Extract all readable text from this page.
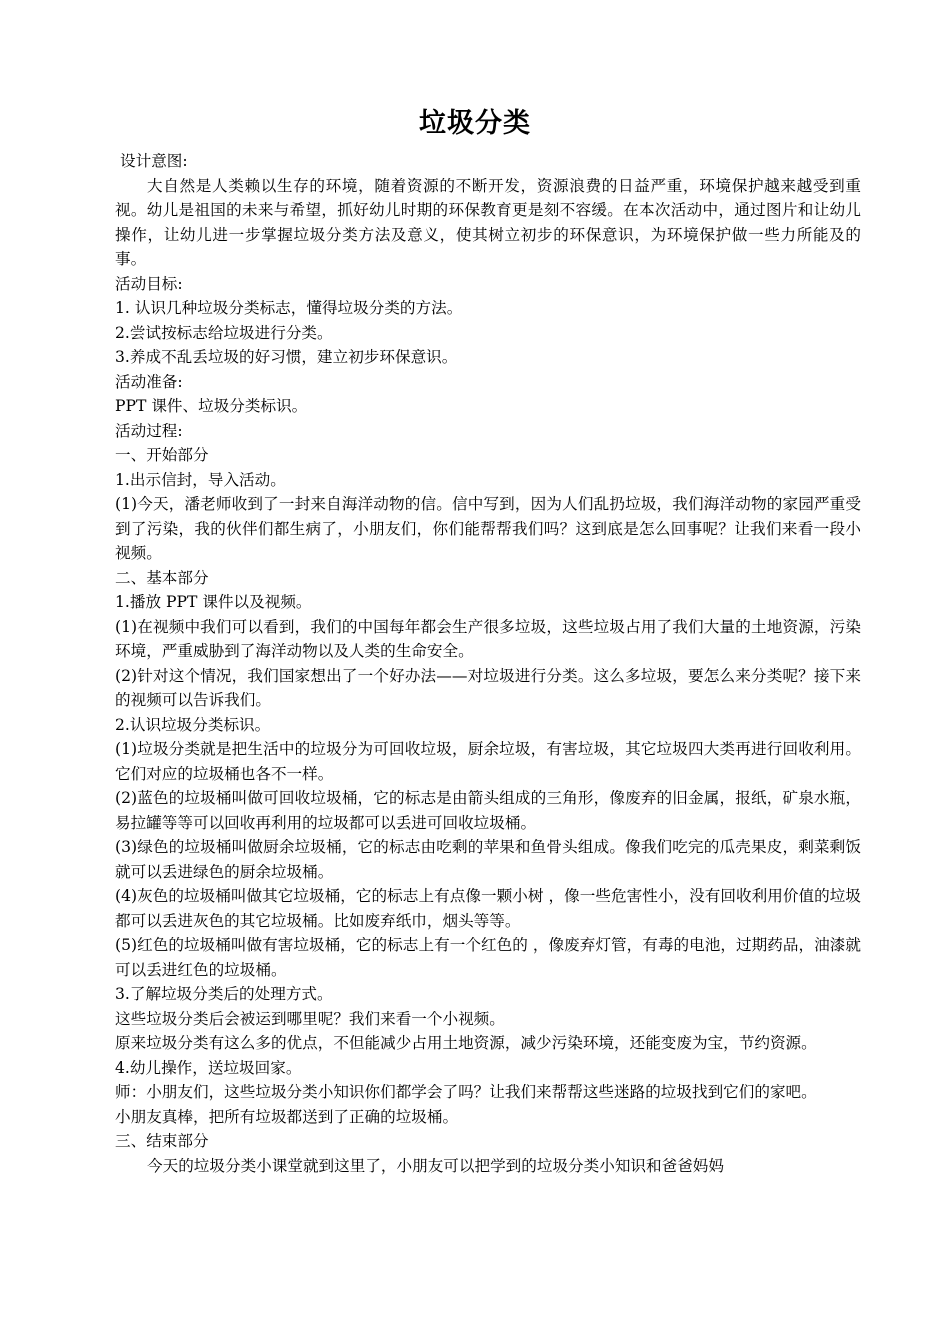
垃圾分类

设计意图:

大自然是人类赖以生存的环境，随着资源的不断开发，资源浪费的日益严重，环境保护越来越受到重视。幼儿是祖国的未来与希望，抓好幼儿时期的环保教育更是刻不容缓。在本次活动中，通过图片和让幼儿操作，让幼儿进一步掌握垃圾分类方法及意义，使其树立初步的环保意识，为环境保护做一些力所能及的事。

活动目标:

1. 认识几种垃圾分类标志，懂得垃圾分类的方法。

2.尝试按标志给垃圾进行分类。

3.养成不乱丢垃圾的好习惯，建立初步环保意识。

活动准备:

PPT 课件、垃圾分类标识。

活动过程:

一、开始部分

1.出示信封，导入活动。

(1)今天，潘老师收到了一封来自海洋动物的信。信中写到，因为人们乱扔垃圾，我们海洋动物的家园严重受到了污染，我的伙伴们都生病了，小朋友们，你们能帮帮我们吗？这到底是怎么回事呢？让我们来看一段小视频。

二、基本部分

1.播放 PPT 课件以及视频。

(1)在视频中我们可以看到，我们的中国每年都会生产很多垃圾，这些垃圾占用了我们大量的土地资源，污染环境，严重威胁到了海洋动物以及人类的生命安全。

(2)针对这个情况，我们国家想出了一个好办法——对垃圾进行分类。这么多垃圾，要怎么来分类呢？接下来的视频可以告诉我们。

2.认识垃圾分类标识。

(1)垃圾分类就是把生活中的垃圾分为可回收垃圾，厨余垃圾，有害垃圾，其它垃圾四大类再进行回收利用。它们对应的垃圾桶也各不一样。

(2)蓝色的垃圾桶叫做可回收垃圾桶，它的标志是由箭头组成的三角形，像废弃的旧金属，报纸，矿泉水瓶，易拉罐等等可以回收再利用的垃圾都可以丢进可回收垃圾桶。

(3)绿色的垃圾桶叫做厨余垃圾桶，它的标志由吃剩的苹果和鱼骨头组成。像我们吃完的瓜壳果皮，剩菜剩饭就可以丢进绿色的厨余垃圾桶。

(4)灰色的垃圾桶叫做其它垃圾桶，它的标志上有点像一颗小树 ，像一些危害性小，没有回收利用价值的垃圾都可以丢进灰色的其它垃圾桶。比如废弃纸巾，烟头等等。

(5)红色的垃圾桶叫做有害垃圾桶，它的标志上有一个红色的 ，像废弃灯管，有毒的电池，过期药品，油漆就可以丢进红色的垃圾桶。

3.了解垃圾分类后的处理方式。

这些垃圾分类后会被运到哪里呢？我们来看一个小视频。

原来垃圾分类有这么多的优点，不但能减少占用土地资源，减少污染环境，还能变废为宝，节约资源。

4.幼儿操作，送垃圾回家。

师：小朋友们，这些垃圾分类小知识你们都学会了吗？让我们来帮帮这些迷路的垃圾找到它们的家吧。

小朋友真棒，把所有垃圾都送到了正确的垃圾桶。

三、结束部分

今天的垃圾分类小课堂就到这里了，小朋友可以把学到的垃圾分类小知识和爸爸妈妈
